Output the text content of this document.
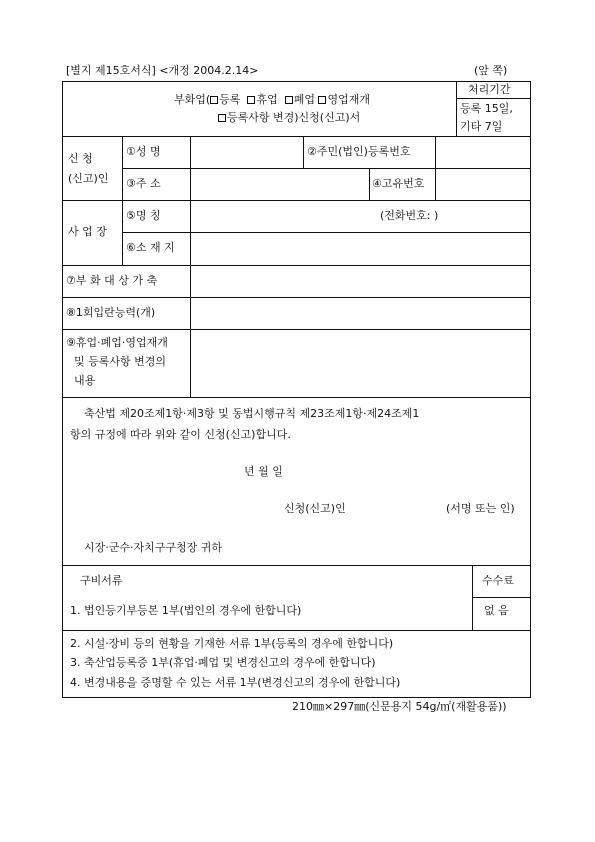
[별지 제15호서식] <개정 2004.2.14>	(앞 쪽)
부화업( 등록 휴업 폐업 영업재개
등록사항 변경)신청(신고)서
처리기간
등록 15일,
기타 7일
신 청
(신고)인
①성 명	②주민(법인)등록번호
③주 소	④고유번호
사 업 장
⑤명 칭	(전화번호: )
⑥소 재 지
⑦부 화 대 상 가 축
⑧1회입란능력(개)
⑨휴업·폐업·영업재개
및 등록사항 변경의
내용
축산법 제20조제1항·제3항 및 동법시행규칙 제23조제1항·제24조제1
항의 규정에 따라 위와 같이 신청(신고)합니다.
년 월 일
신청(신고)인	(서명 또는 인)
시장·군수·자치구구청장 귀하
구비서류
1. 법인등기부등본 1부(법인의 경우에 한합니다)
2. 시설·장비 등의 현황을 기재한 서류 1부(등록의 경우에 한합니다)
3. 축산업등록증 1부(휴업·폐업 및 변경신고의 경우에 한합니다)
4. 변경내용을 증명할 수 있는 서류 1부(변경신고의 경우에 한합니다)
수수료
없 음
210㎜×297㎜(신문용지 54g/㎡(재활용품))
